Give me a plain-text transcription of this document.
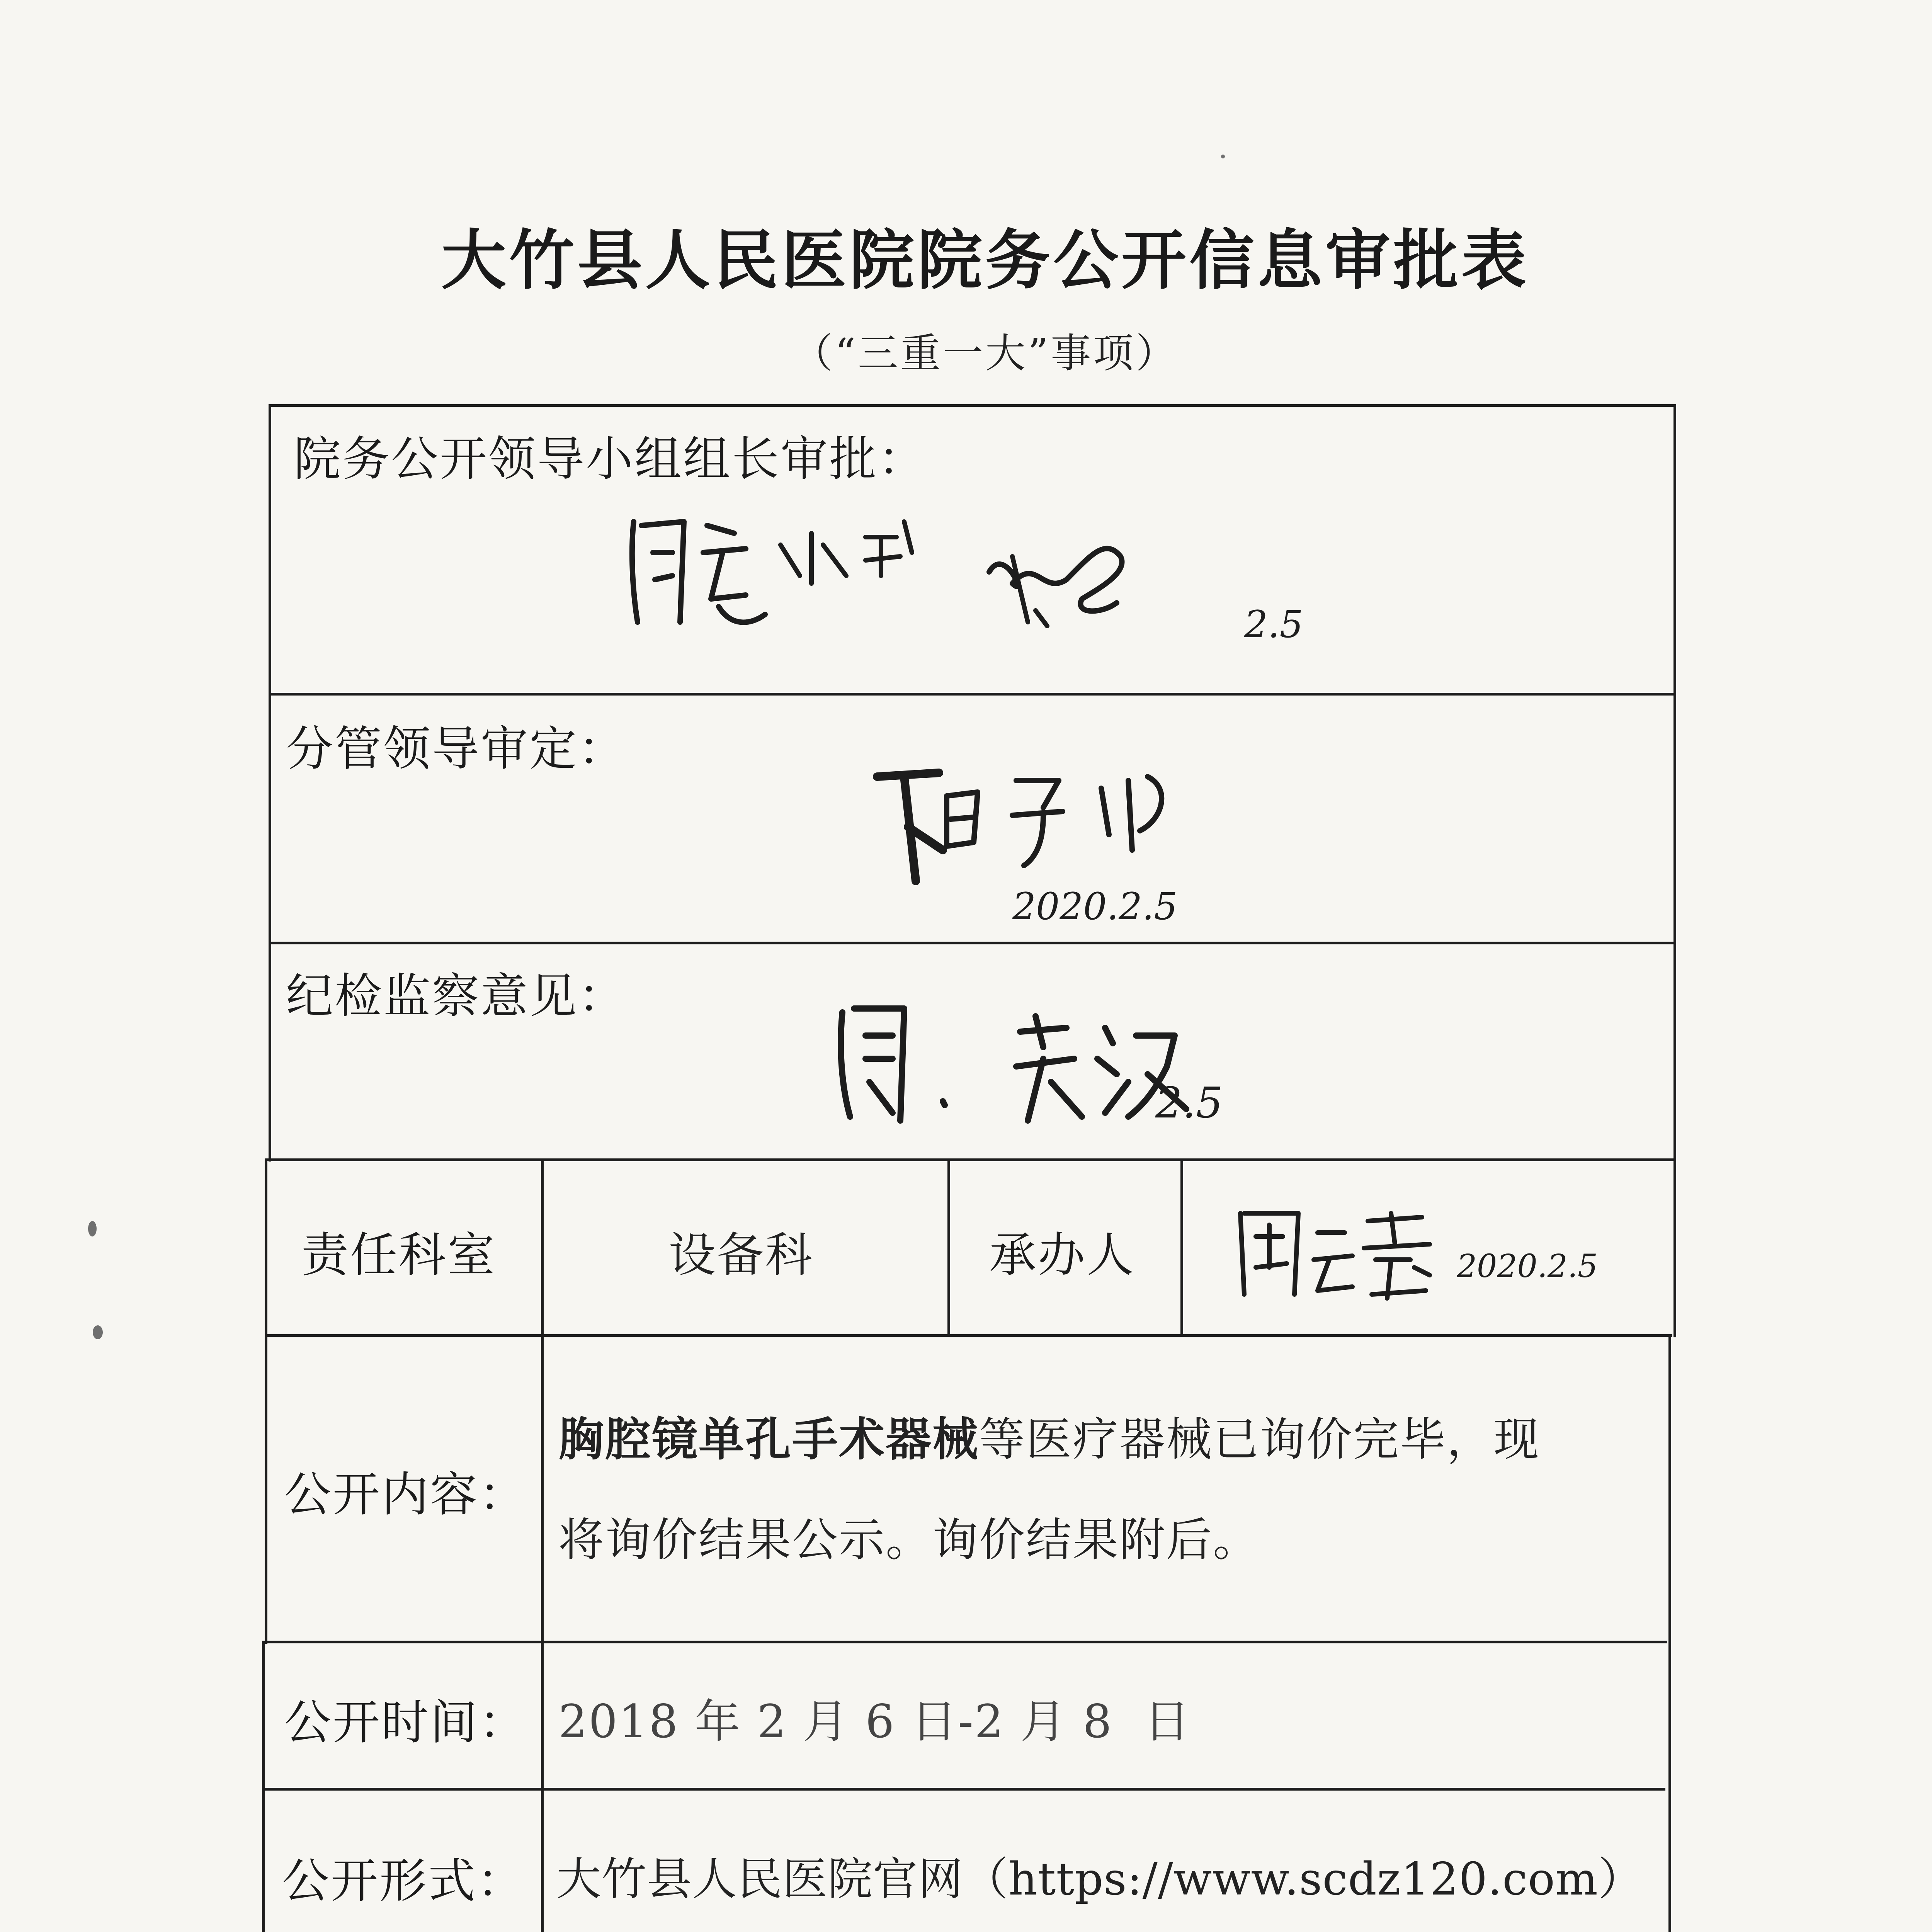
大竹县人民医院院务公开信息审批表
（“三重一大”事项）
院务公开领导小组组长审批：
2.5
分管领导审定：
2020.2.5
纪检监察意见：
2.5
责任科室	设备科	承办人	2020.2.5
公开内容：
胸腔镜单孔手术器械等医疗器械已询价完毕，现
将询价结果公示。询价结果附后。
公开时间： 2018 年 2 月 6 日-2 月 8  日
公开形式： 大竹县人民医院官网（https://www.scdz120.com）
